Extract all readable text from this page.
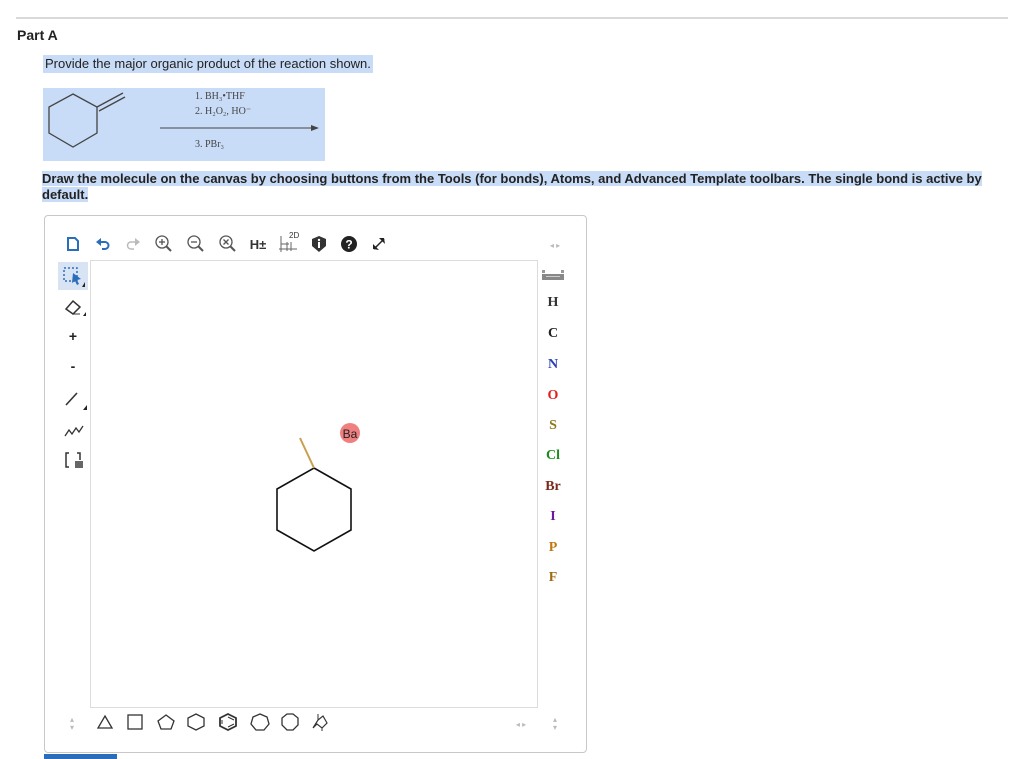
Part A
Provide the major organic product of the reaction shown.
1. BH₃•THF
2. H₂O₂, HO⁻
3. PBr₃
Draw the molecule on the canvas by choosing buttons from the Tools (for bonds), Atoms, and Advanced Template toolbars. The single bond is active by default.
H±
2D
?	◂ ▸
+
-
Ba
H
C
N
O
S
Cl
Br
I
P
F
▴
▾
▴
▾	◂ ▸
